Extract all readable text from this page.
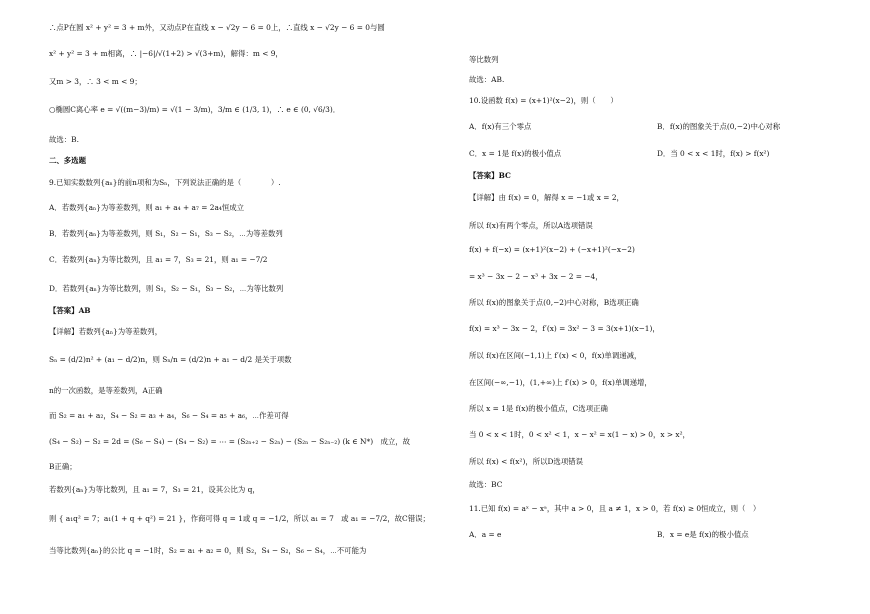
∴点P在圆 x² + y² = 3 + m外，又动点P在直线 x − √2y − 6 = 0上，∴直线 x − √2y − 6 = 0与圆
x² + y² = 3 + m相离，∴ |−6|/√(1+2) > √(3+m)，解得：m < 9，
又m > 3，∴ 3 < m < 9；
○椭圆C离心率 e = √((m−3)/m) = √(1 − 3/m)，3/m ∈ (1/3, 1)，∴ e ∈ (0, √6/3)．
故选：B.
二、多选题
9.已知实数数列{aₙ}的前n项和为Sₙ，下列说法正确的是（　　　　）.
A．若数列{aₙ}为等差数列，则 a₁ + a₄ + a₇ = 2a₄恒成立
B．若数列{aₙ}为等差数列，则 S₁，S₂ − S₁，S₃ − S₂，⋯为等差数列
C．若数列{aₙ}为等比数列，且 a₁ = 7，S₃ = 21，则 a₁ = −7/2
D．若数列{aₙ}为等比数列，则 S₁，S₂ − S₁，S₃ − S₂，⋯为等比数列
【答案】AB
【详解】若数列{aₙ}为等差数列，
Sₙ = (d/2)n² + (a₁ − d/2)n，则 Sₙ/n = (d/2)n + a₁ − d/2 是关于项数
n的一次函数，是等差数列，A正确
而 S₂ = a₁ + a₂，S₄ − S₂ = a₃ + a₄，S₆ − S₄ = a₅ + a₆，⋯作差可得
(S₄ − S₂) − S₂ = 2d = (S₆ − S₄) − (S₄ − S₂) = ⋯ = (S₂ₙ₊₂ − S₂ₙ) − (S₂ₙ − S₂ₙ₋₂) (k ∈ N*)　成立，故
B正确；
若数列{aₙ}为等比数列，且 a₁ = 7，S₃ = 21，设其公比为 q，
则 { a₁q² = 7；a₁(1 + q + q²) = 21 }，作商可得 q = 1或 q = −1/2，所以 a₁ = 7　或 a₁ = −7/2，故C错误；
当等比数列{aₙ}的公比 q = −1时，S₂ = a₁ + a₂ = 0，则 S₂，S₄ − S₂，S₆ − S₄，⋯不可能为
等比数列
故选：AB.
10.设函数 f(x) = (x+1)²(x−2)，则（　　）
A．f(x)有三个零点	B．f(x)的图象关于点(0,−2)中心对称
C．x = 1是 f(x)的极小值点	D．当 0 < x < 1时，f(x) > f(x²)
【答案】BC
【详解】由 f(x) = 0，解得 x = −1或 x = 2，
所以 f(x)有两个零点，所以A选项错误
f(x) + f(−x) = (x+1)²(x−2) + (−x+1)²(−x−2)
= x³ − 3x − 2 − x³ + 3x − 2 = −4，
所以 f(x)的图象关于点(0,−2)中心对称，B选项正确
f(x) = x³ − 3x − 2，f′(x) = 3x² − 3 = 3(x+1)(x−1)，
所以 f(x)在区间(−1,1)上 f′(x) < 0，f(x)单调递减，
在区间(−∞,−1)，(1,+∞)上 f′(x) > 0，f(x)单调递增，
所以 x = 1是 f(x)的极小值点，C选项正确
当 0 < x < 1时，0 < x² < 1，x − x² = x(1 − x) > 0，x > x²，
所以 f(x) < f(x²)，所以D选项错误
故选：BC
11.已知 f(x) = aˣ − xᵃ，其中 a > 0，且 a ≠ 1，x > 0，若 f(x) ≥ 0恒成立，则（　）
A．a = e	B．x = e是 f(x)的极小值点
